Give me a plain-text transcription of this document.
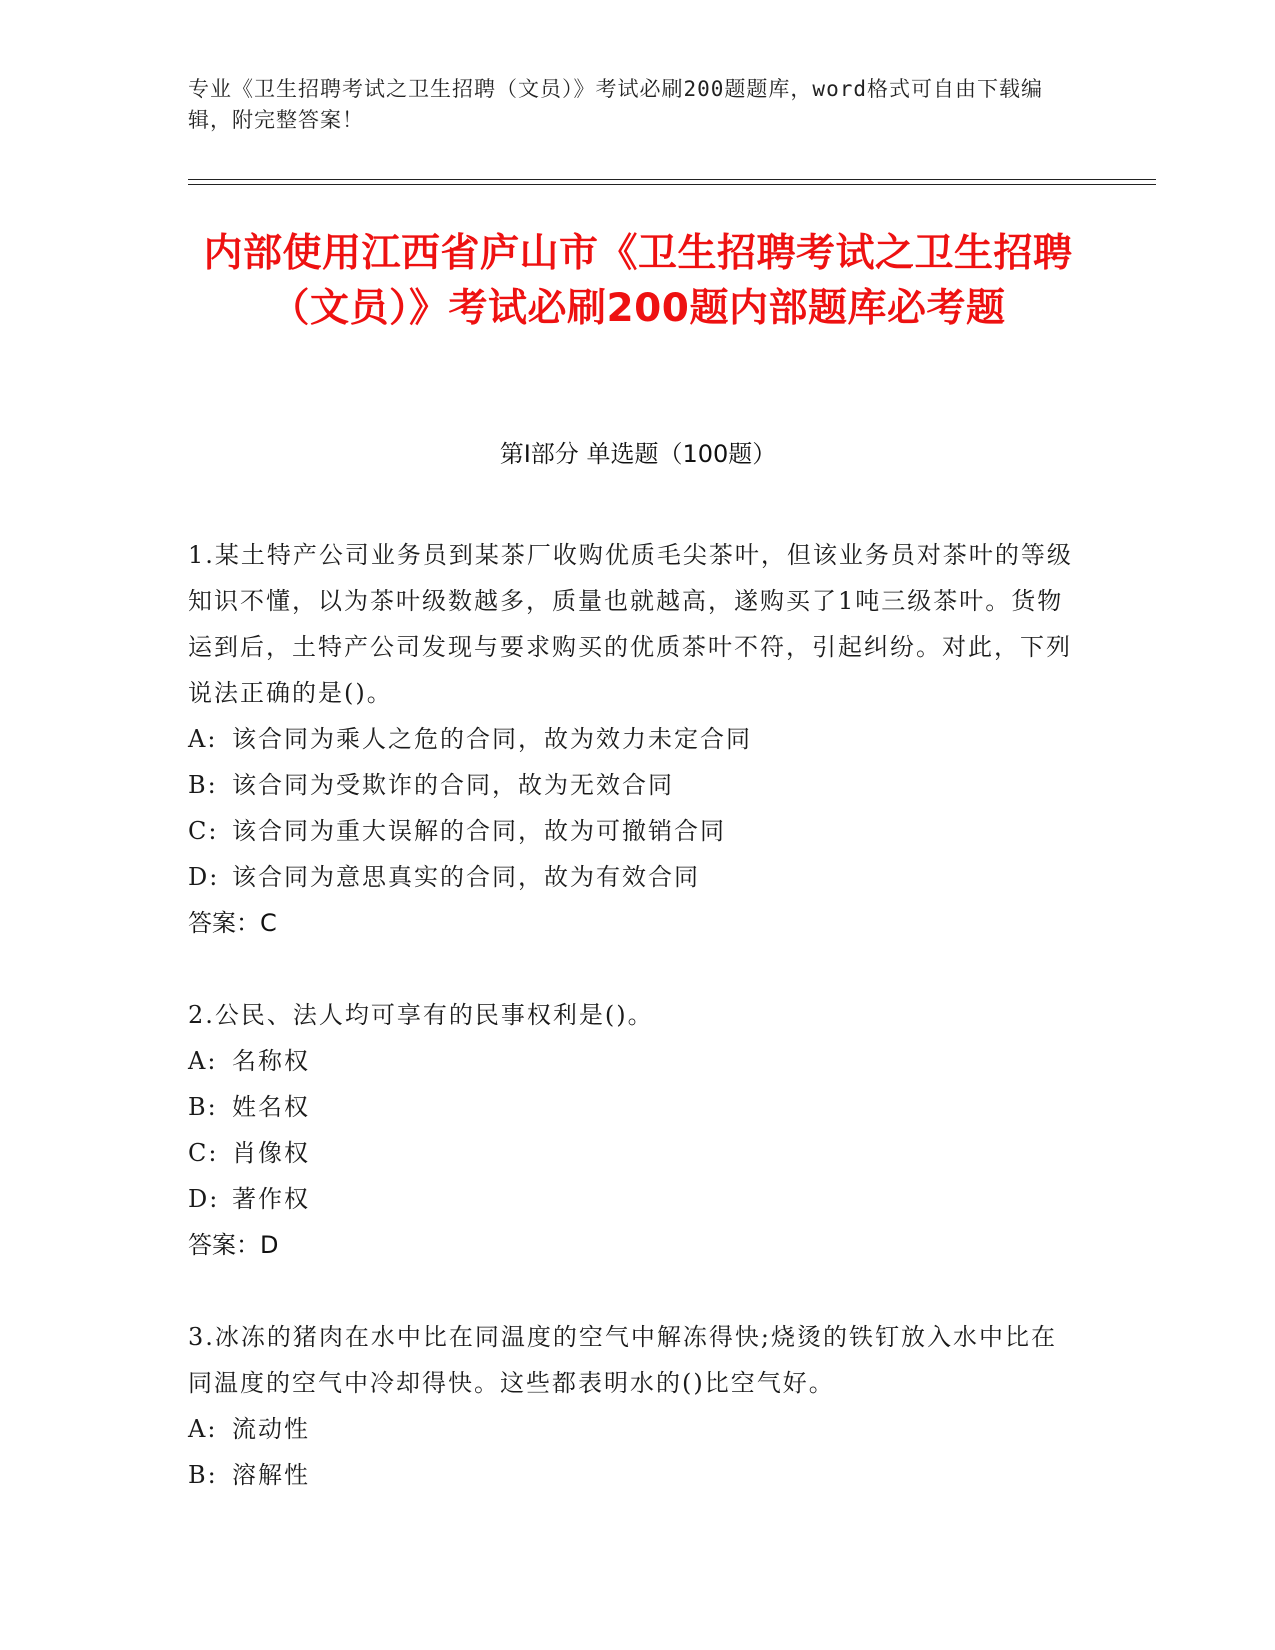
专业《卫生招聘考试之卫生招聘（文员）》考试必刷200题题库，word格式可自由下载编辑，附完整答案！
内部使用江西省庐山市《卫生招聘考试之卫生招聘（文员）》考试必刷200题内部题库必考题
第Ⅰ部分 单选题（100题）

1.某土特产公司业务员到某茶厂收购优质毛尖茶叶，但该业务员对茶叶的等级知识不懂，以为茶叶级数越多，质量也就越高，遂购买了1吨三级茶叶。货物运到后，土特产公司发现与要求购买的优质茶叶不符，引起纠纷。对此，下列说法正确的是()。

A: 该合同为乘人之危的合同，故为效力未定合同

B: 该合同为受欺诈的合同，故为无效合同

C: 该合同为重大误解的合同，故为可撤销合同

D: 该合同为意思真实的合同，故为有效合同

答案：C

2.公民、法人均可享有的民事权利是()。

A: 名称权

B: 姓名权

C: 肖像权

D: 著作权

答案：D

3.冰冻的猪肉在水中比在同温度的空气中解冻得快;烧烫的铁钉放入水中比在同温度的空气中冷却得快。这些都表明水的()比空气好。

A: 流动性

B: 溶解性
